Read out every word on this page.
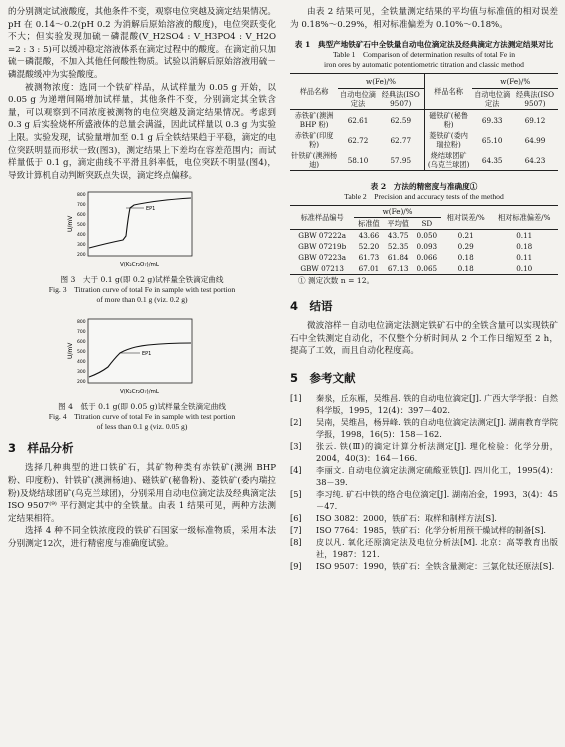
的分别测定试液酸度，其他条件不变，观察电位突越及滴定结果情况。pH 在 0.14～0.2(pH 0.2 为消解后原始溶液的酸度)，电位突跃变化不大；但实验发现加硫－磷混酸(V_H2SO4 : V_H3PO4 : V_H2O =2 : 3 : 5)可以缓冲稳定溶液体系在滴定过程中的酸度。在滴定前只加硫－磷混酸，不加入其他任何酸性物质。试验以消解后原始溶液用硫－磷混酸缓冲为实验酸度。

被测物浓度：选同一个铁矿样品，从试样量为 0.05 g 开始，以 0.05 g 为递增间隔增加试样量，其他条件不变，分别滴定其全铁含量，可以观察到不同浓度被测物的电位突越及滴定结果情况。考虑到 0.3 g 后实验烧杯所盛液体的总量会满溢，因此试样量以 0.3 g 为实验上限。实验发现，试验量增加至 0.1 g 后全铁结果趋于平稳，滴定的电位突跃明显而形状一致(图3)，测定结果上下差均在容差范围内；而试样量低于 0.1 g，滴定曲线不平滑且斜率低，电位突跃不明显(图4)，导致计算机自动判断突跃点失误，滴定终点偏移。

U/mV
800
700
600
500
400
300
200
EP1
V(K₂Cr₂O₇)/mL
图 3　大于 0.1 g(即 0.2 g)试样量全铁滴定曲线
Fig. 3　Titration curve of total Fe in sample with test portion
of more than 0.1 g (viz. 0.2 g)
U/mV
800
700
600
500
400
300
200
EP1
V(K₂Cr₂O₇)/mL
图 4　低于 0.1 g(即 0.05 g)试样量全铁滴定曲线
Fig. 4　Titration curve of total Fe in sample with test portion
of less than 0.1 g (viz. 0.05 g)
3　样品分析

选择几种典型的进口铁矿石，其矿物种类有赤铁矿(澳洲 BHP 粉、印度粉)、针铁矿(澳洲杨迪)、磁铁矿(秘鲁粉)、菱铁矿(委内瑞拉粉)及烧结球团矿(乌克兰球团)，分别采用自动电位滴定法及经典滴定法 ISO 9507⁽⁹⁾ 平行测定其中的全铁量。由表 1 结果可见，两种方法测定结果相符。

选择 4 种不同全铁浓度段的铁矿石国家一级标准物质，采用本法分别测定12次，进行精密度与准确度试验。

由表 2 结果可见，全铁量测定结果的平均值与标准值的相对误差为 0.18%～0.29%，相对标准偏差为 0.10%～0.18%。

表 1　典型产地铁矿石中全铁量自动电位滴定法及经典滴定方法测定结果对比
Table 1　Comparison of determination results of total Fe in
iron ores by automatic potentiometric titration and classic method
样品名称	w(Fe)/%		样品名称	w(Fe)/%	
	自动电位滴定法	经典法(ISO 9507)		自动电位滴定法	经典法(ISO 9507)
赤铁矿(澳洲 BHP 粉)	62.61	62.59	磁铁矿(秘鲁粉)	69.33	69.12
赤铁矿(印度粉)	62.72	62.77	菱铁矿(委内瑞拉粉)	65.10	64.99
针铁矿(澳洲杨迪)	58.10	57.95	烧结球团矿(乌克兰球团)	64.35	64.23
表 2　方法的精密度与准确度①
Table 2　Precision and accuracy tests of the method
标准样品编号	w(Fe)/%			相对误差/%	相对标准偏差/%
	标准值	平均值	SD		
GBW 07222a	43.66	43.75	0.050	0.21	0.11
GBW 07219b	52.20	52.35	0.093	0.29	0.18
GBW 07223a	61.73	61.84	0.066	0.18	0.11
GBW 07213	67.01	67.13	0.065	0.18	0.10
① 测定次数 n = 12。
4　结语

微波溶样－自动电位滴定法测定铁矿石中的全铁含量可以实现铁矿石中全铁测定自动化，不仅整个分析时间从 2 个工作日缩短至 2 h，提高了工效，而且自动化程度高。

5　参考文献
[1]	秦泉，丘东雁，吴维昌. 铁的自动电位滴定[J]. 广西大学学报：自然科学版，1995，12(4)：397－402.
[2]	吴南，吴维昌，杨异峰. 铁的自动电位滴定法测定[J]. 湖南教育学院学报，1998，16(5)：158－162.
[3]	张云. 铁(Ⅲ)的滴定计算分析法测定[J]. 理化检验：化学分册，2004，40(3)：164－166.
[4]	李丽文. 自动电位滴定法测定硫酸亚铁[J]. 四川化工，1995(4)：38－39.
[5]	李习纯. 矿石中铁的络合电位滴定[J]. 湖南冶金，1993，3(4)：45－47.
[6]	ISO 3082：2000，铁矿石：取样和制样方法[S].
[7]	ISO 7764：1985，铁矿石：化学分析用预干燥试样的制备[S].
[8]	皮以凡. 氧化还原滴定法及电位分析法[M]. 北京：高等教育出版社，1987：121.
[9]	ISO 9507：1990，铁矿石：全铁含量测定：三氯化钛还原法[S].
